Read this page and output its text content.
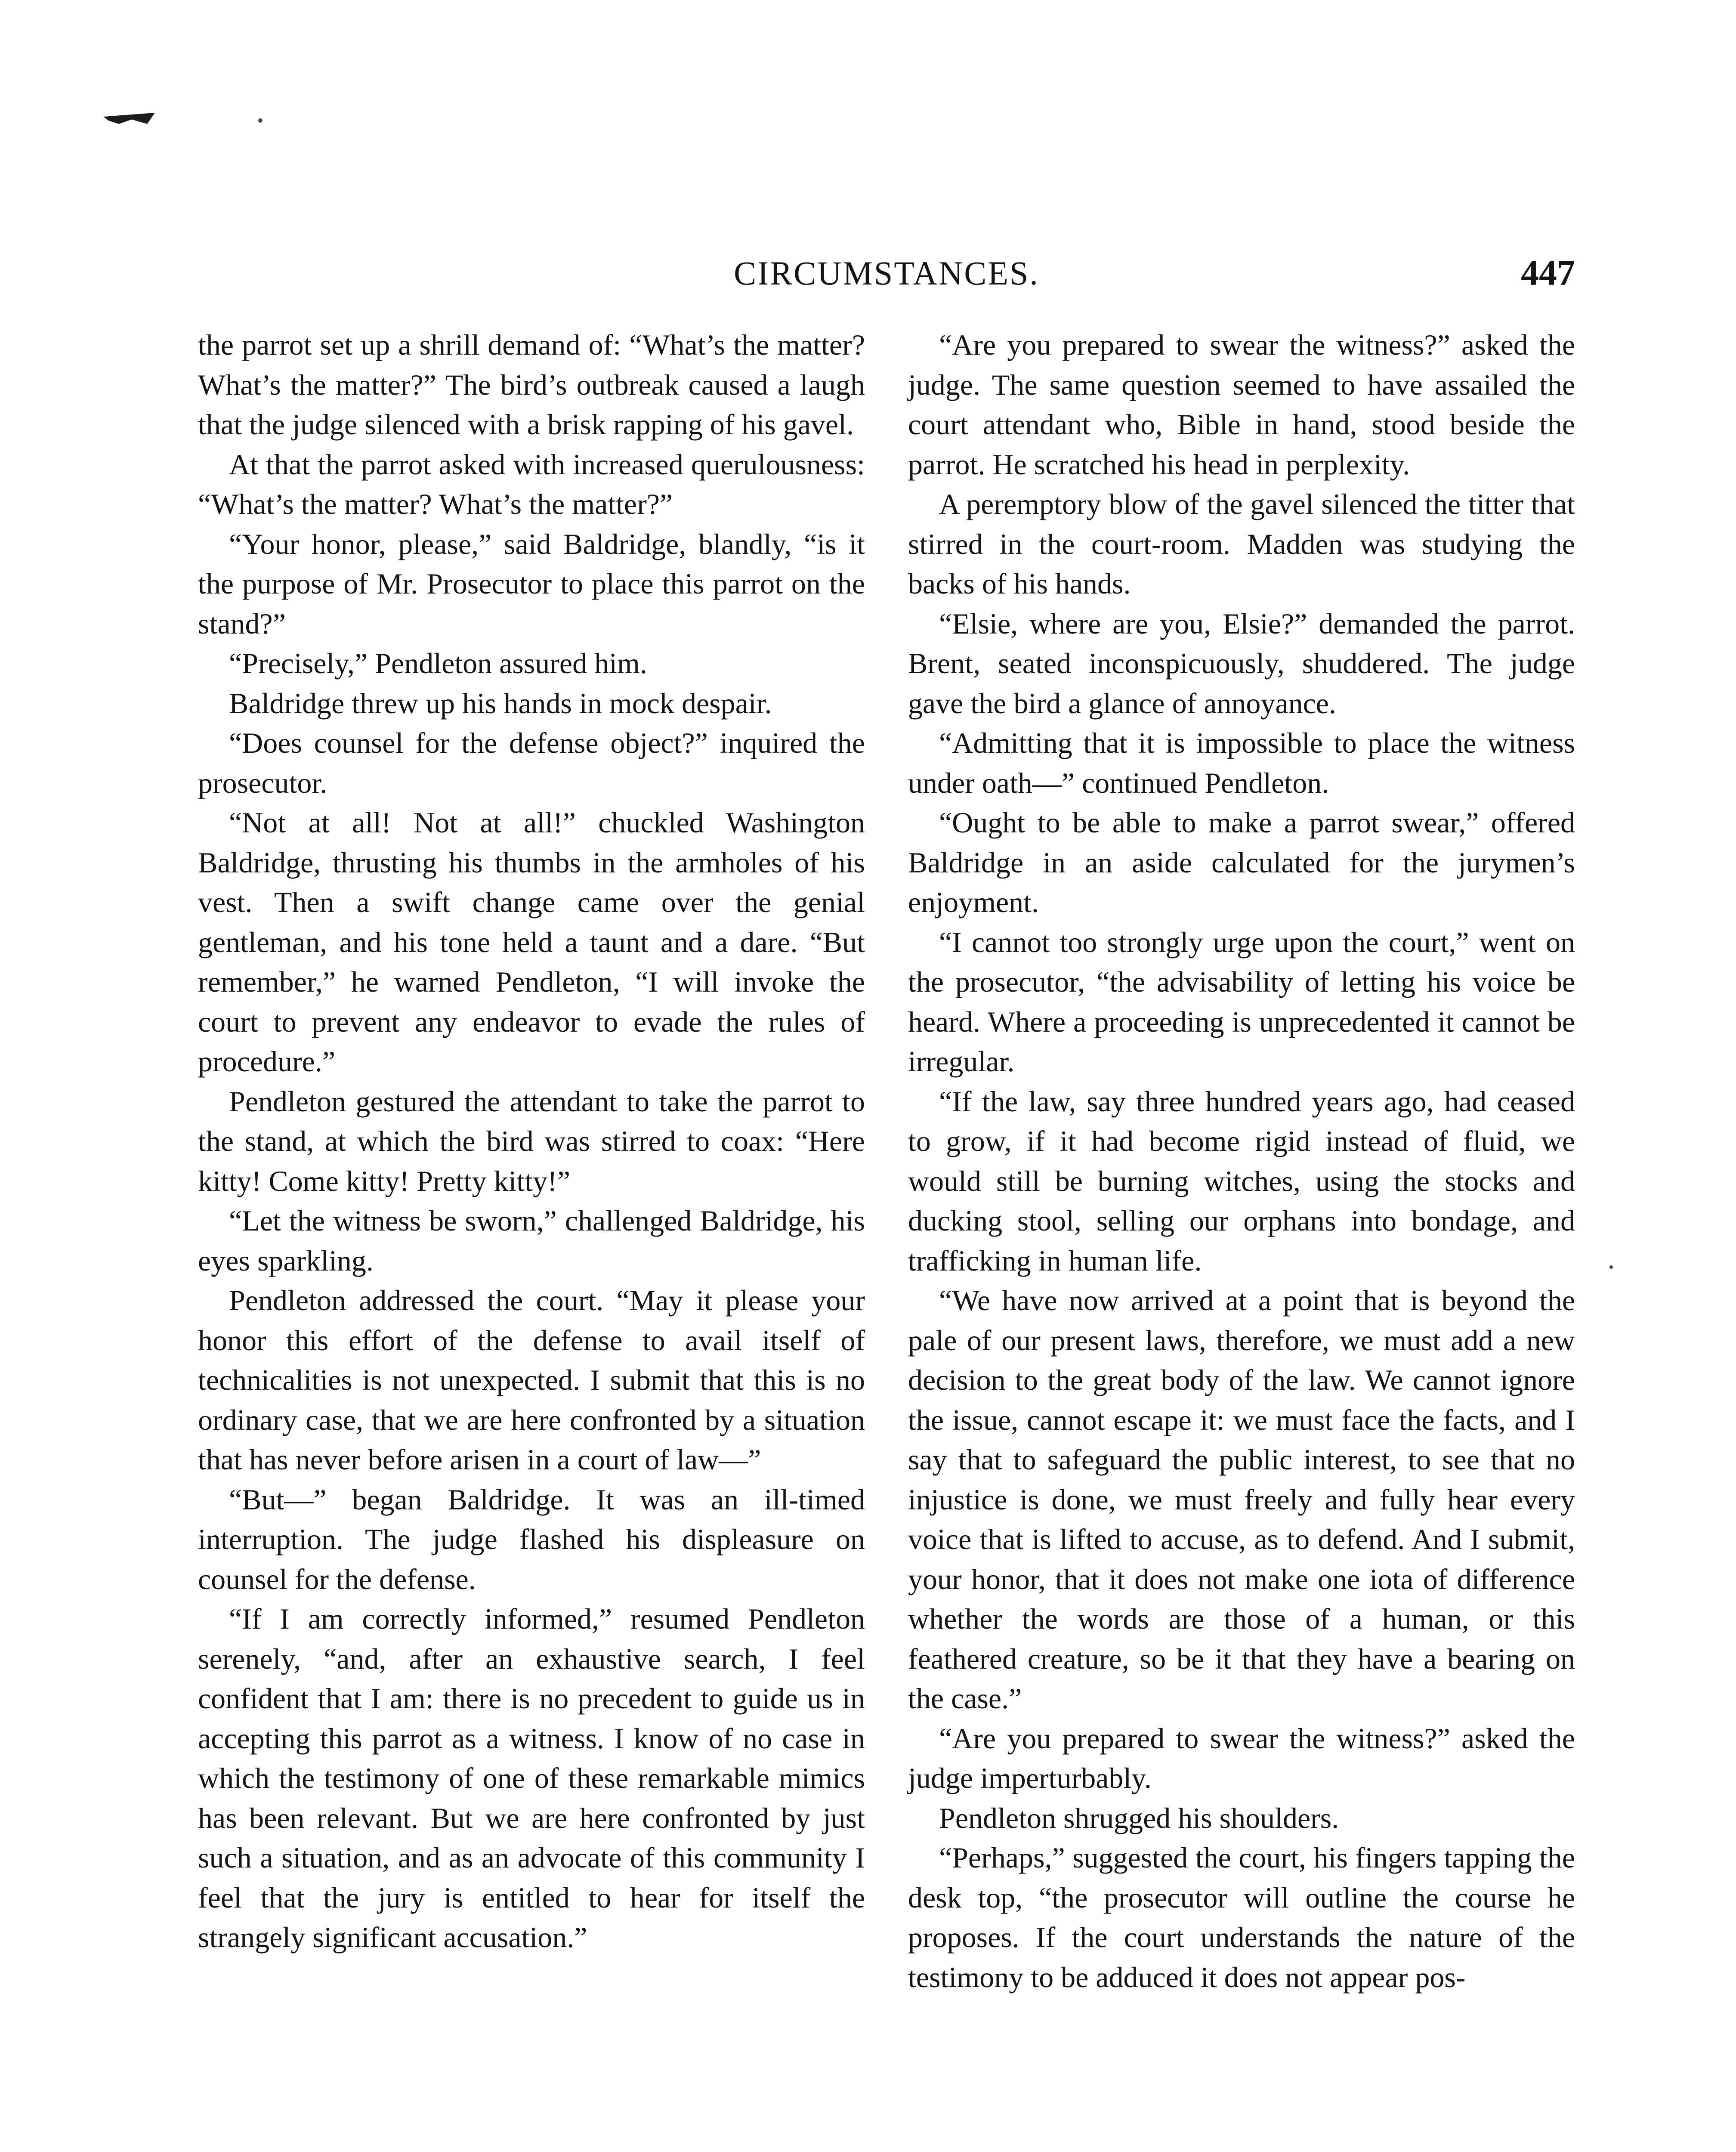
CIRCUMSTANCES.	447

the parrot set up a shrill demand of: “What’s the matter? What’s the matter?” The bird’s outbreak caused a laugh that the judge silenced with a brisk rapping of his gavel.

At that the parrot asked with increased querulousness: “What’s the matter? What’s the matter?”

“Your honor, please,” said Baldridge, blandly, “is it the purpose of Mr. Prosecutor to place this parrot on the stand?”

“Precisely,” Pendleton assured him.

Baldridge threw up his hands in mock despair.

“Does counsel for the defense object?” inquired the prosecutor.

“Not at all! Not at all!” chuckled Washington Baldridge, thrusting his thumbs in the armholes of his vest. Then a swift change came over the genial gentleman, and his tone held a taunt and a dare. “But remember,” he warned Pendleton, “I will invoke the court to prevent any endeavor to evade the rules of procedure.”

Pendleton gestured the attendant to take the parrot to the stand, at which the bird was stirred to coax: “Here kitty! Come kitty! Pretty kitty!”

“Let the witness be sworn,” challenged Baldridge, his eyes sparkling.

Pendleton addressed the court. “May it please your honor this effort of the defense to avail itself of technicalities is not unexpected. I submit that this is no ordinary case, that we are here confronted by a situation that has never before arisen in a court of law—”

“But—” began Baldridge. It was an ill-timed interruption. The judge flashed his displeasure on counsel for the defense.

“If I am correctly informed,” resumed Pendleton serenely, “and, after an exhaustive search, I feel confident that I am: there is no precedent to guide us in accepting this parrot as a witness. I know of no case in which the testimony of one of these remarkable mimics has been relevant. But we are here confronted by just such a situation, and as an advocate of this community I feel that the jury is entitled to hear for itself the strangely significant accusation.”

“Are you prepared to swear the witness?” asked the judge. The same question seemed to have assailed the court attendant who, Bible in hand, stood beside the parrot. He scratched his head in perplexity.

A peremptory blow of the gavel silenced the titter that stirred in the court-room. Madden was studying the backs of his hands.

“Elsie, where are you, Elsie?” demanded the parrot. Brent, seated inconspicuously, shuddered. The judge gave the bird a glance of annoyance.

“Admitting that it is impossible to place the witness under oath—” continued Pendleton.

“Ought to be able to make a parrot swear,” offered Baldridge in an aside calculated for the jurymen’s enjoyment.

“I cannot too strongly urge upon the court,” went on the prosecutor, “the advisability of letting his voice be heard. Where a proceeding is unprecedented it cannot be irregular.

“If the law, say three hundred years ago, had ceased to grow, if it had become rigid instead of fluid, we would still be burning witches, using the stocks and ducking stool, selling our orphans into bondage, and trafficking in human life.

“We have now arrived at a point that is beyond the pale of our present laws, therefore, we must add a new decision to the great body of the law. We cannot ignore the issue, cannot escape it: we must face the facts, and I say that to safeguard the public interest, to see that no injustice is done, we must freely and fully hear every voice that is lifted to accuse, as to defend. And I submit, your honor, that it does not make one iota of difference whether the words are those of a human, or this feathered creature, so be it that they have a bearing on the case.”

“Are you prepared to swear the witness?” asked the judge imperturbably.

Pendleton shrugged his shoulders.

“Perhaps,” suggested the court, his fingers tapping the desk top, “the prosecutor will outline the course he proposes. If the court understands the nature of the testimony to be adduced it does not appear pos-
